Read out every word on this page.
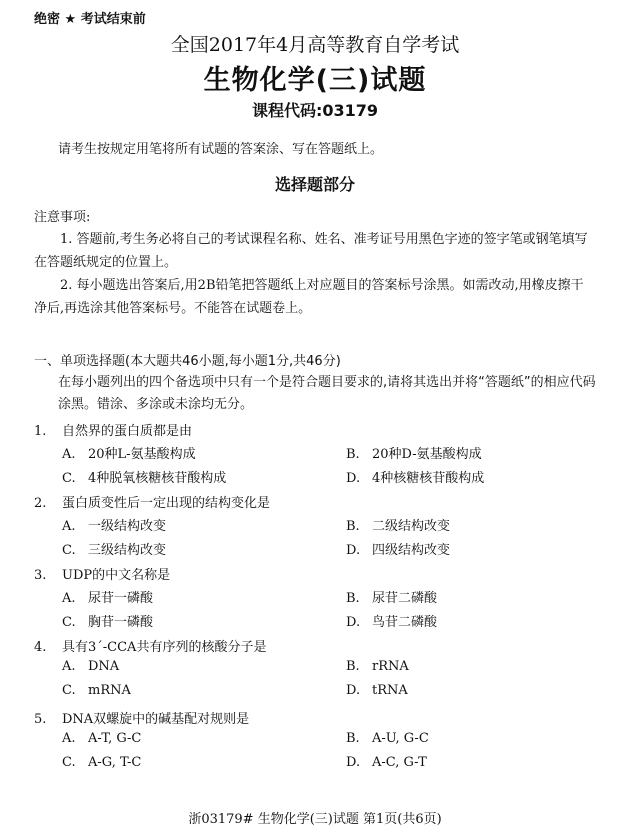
绝密 ★ 考试结束前
全国2017年4月高等教育自学考试
生物化学(三)试题
课程代码:03179
请考生按规定用笔将所有试题的答案涂、写在答题纸上。
选择题部分
注意事项:
1. 答题前,考生务必将自己的考试课程名称、姓名、准考证号用黑色字迹的签字笔或钢笔填写在答题纸规定的位置上。
2. 每小题选出答案后,用2B铅笔把答题纸上对应题目的答案标号涂黑。如需改动,用橡皮擦干净后,再选涂其他答案标号。不能答在试题卷上。
一、单项选择题(本大题共46小题,每小题1分,共46分)
在每小题列出的四个备选项中只有一个是符合题目要求的,请将其选出并将“答题纸”的相应代码涂黑。错涂、多涂或未涂均无分。
1. 自然界的蛋白质都是由
A. 20种L-氨基酸构成	B. 20种D-氨基酸构成
C. 4种脱氧核糖核苷酸构成	D. 4种核糖核苷酸构成
2. 蛋白质变性后一定出现的结构变化是
A. 一级结构改变	B. 二级结构改变
C. 三级结构改变	D. 四级结构改变
3. UDP的中文名称是
A. 尿苷一磷酸	B. 尿苷二磷酸
C. 胸苷一磷酸	D. 鸟苷二磷酸
4. 具有3´-CCA共有序列的核酸分子是
A. DNA	B. rRNA
C. mRNA	D. tRNA
5. DNA双螺旋中的碱基配对规则是
A. A-T, G-C	B. A-U, G-C
C. A-G, T-C	D. A-C, G-T
浙03179# 生物化学(三)试题 第1页(共6页)
